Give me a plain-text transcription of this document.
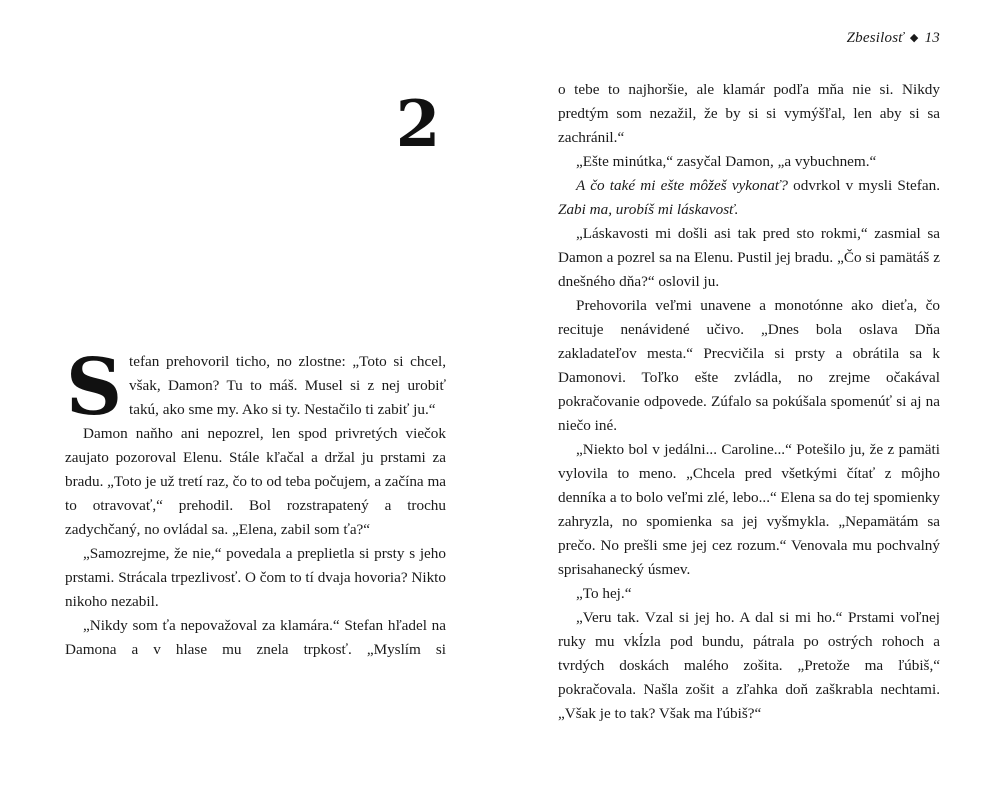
2
S tefan prehovoril ticho, no zlostne: „Toto si chcel, však, Damon? Tu to máš. Musel si z nej urobiť takú, ako sme my. Ako si ty. Nestačilo ti zabiť ju.“

Damon naňho ani nepozrel, len spod privretých viečok zaujato pozoroval Elenu. Stále kľačal a držal ju prstami za bradu. „Toto je už tretí raz, čo to od teba počujem, a začína ma to otravovať,“ prehodil. Bol rozstrapatený a trochu zadychčaný, no ovládal sa. „Elena, zabil som ťa?“

„Samozrejme, že nie,“ povedala a preplietla si prsty s jeho prstami. Strácala trpezlivosť. O čom to tí dvaja hovoria? Nikto nikoho nezabil.

„Nikdy som ťa nepovažoval za klamára.“ Stefan hľadel na Damona a v hlase mu znela trpkosť. „Myslím si

Zbesilosť ◆ 13

o tebe to najhoršie, ale klamár podľa mňa nie si. Nikdy predtým som nezažil, že by si si vymýšľal, len aby si sa zachránil.“

„Ešte minútka,“ zasyčal Damon, „a vybuchnem.“

A čo také mi ešte môžeš vykonať? odvrkol v mysli Stefan. Zabi ma, urobíš mi láskavosť.

„Láskavosti mi došli asi tak pred sto rokmi,“ zasmial sa Damon a pozrel sa na Elenu. Pustil jej bradu. „Čo si pamätáš z dnešného dňa?“ oslovil ju.

Prehovorila veľmi unavene a monotónne ako dieťa, čo recituje nenávidené učivo. „Dnes bola oslava Dňa zakladateľov mesta.“ Precvičila si prsty a obrátila sa k Damonovi. Toľko ešte zvládla, no zrejme očakával pokračovanie odpovede. Zúfalo sa pokúšala spomenúť si aj na niečo iné.

„Niekto bol v jedálni... Caroline...“ Potešilo ju, že z pamäti vylovila to meno. „Chcela pred všetkými čítať z môjho denníka a to bolo veľmi zlé, lebo...“ Elena sa do tej spomienky zahryzla, no spomienka sa jej vyšmykla. „Nepamätám sa prečo. No prešli sme jej cez rozum.“ Venovala mu pochvalný sprisahanecký úsmev.

„To hej.“

„Veru tak. Vzal si jej ho. A dal si mi ho.“ Prstami voľnej ruky mu vkĺzla pod bundu, pátrala po ostrých rohoch a tvrdých doskách malého zošita. „Pretože ma ľúbiš,“ pokračovala. Našla zošit a zľahka doň zaškrabla nechtami. „Však je to tak? Však ma ľúbiš?“
